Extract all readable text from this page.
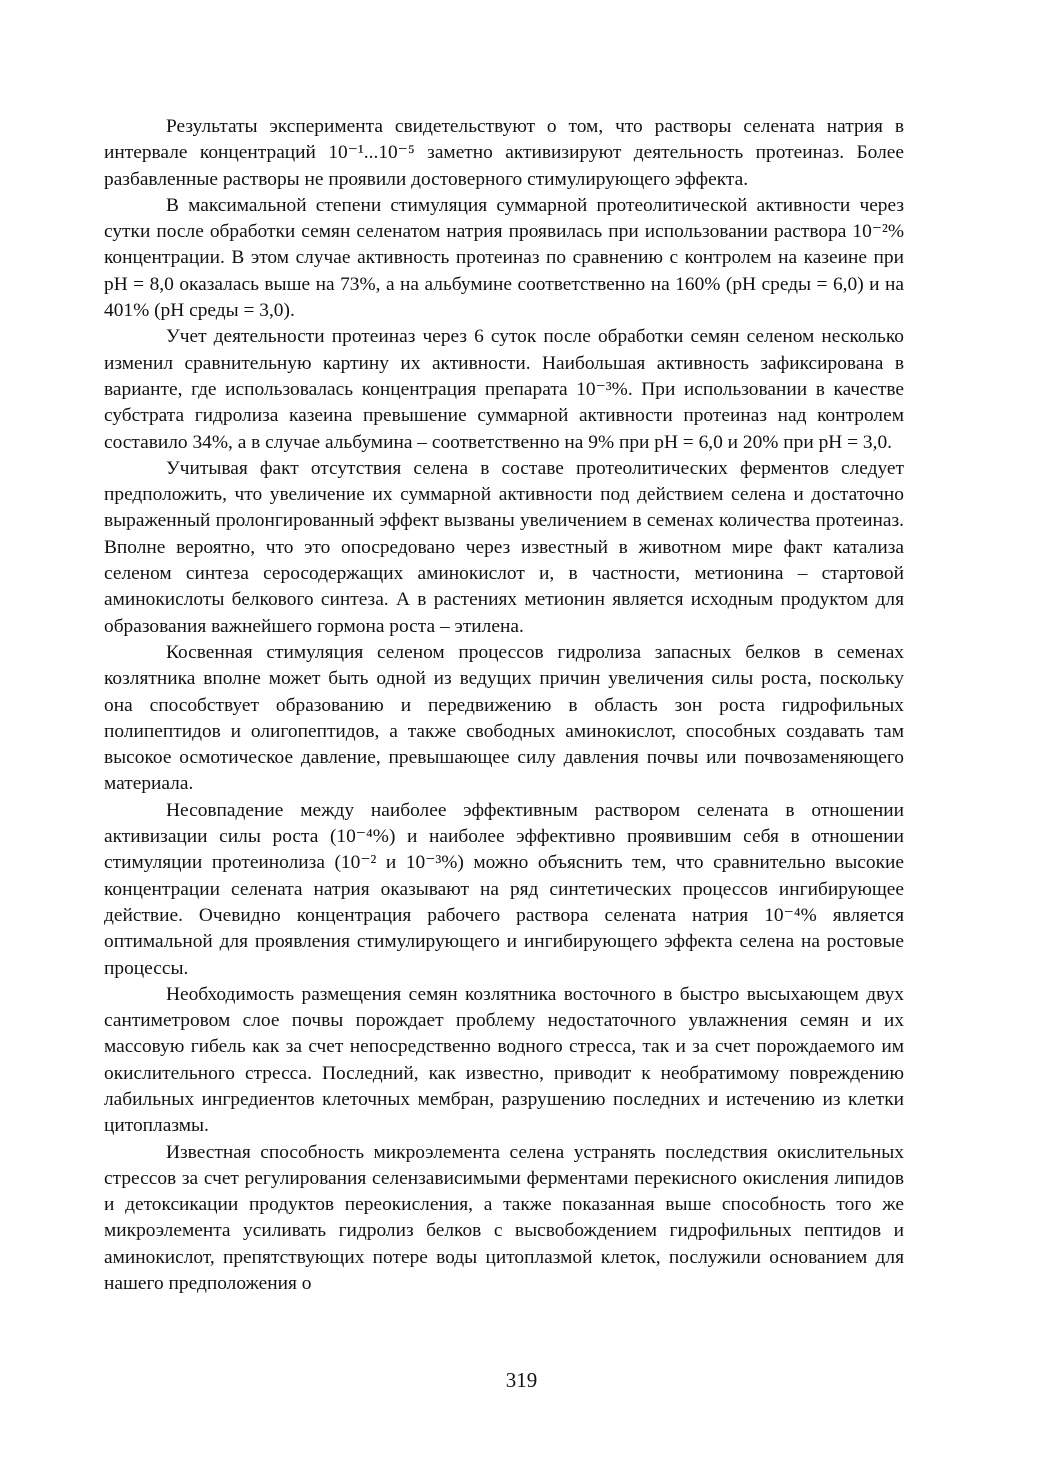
Результаты эксперимента свидетельствуют о том, что растворы селената натрия в интервале концентраций 10⁻¹...10⁻⁵ заметно активизируют деятельность протеиназ. Более разбавленные растворы не проявили достоверного стимулирующего эффекта.

В максимальной степени стимуляция суммарной протеолитической активности через сутки после обработки семян селенатом натрия проявилась при использовании раствора 10⁻²% концентрации. В этом случае активность протеиназ по сравнению с контролем на казеине при pH = 8,0 оказалась выше на 73%, а на альбумине соответственно на 160% (pH среды = 6,0) и на 401% (pH среды = 3,0).

Учет деятельности протеиназ через 6 суток после обработки семян селеном несколько изменил сравнительную картину их активности. Наибольшая активность зафиксирована в варианте, где использовалась концентрация препарата 10⁻³%. При использовании в качестве субстрата гидролиза казеина превышение суммарной активности протеиназ над контролем составило 34%, а в случае альбумина – соответственно на 9% при pH = 6,0 и 20% при pH = 3,0.

Учитывая факт отсутствия селена в составе протеолитических ферментов следует предположить, что увеличение их суммарной активности под действием селена и достаточно выраженный пролонгированный эффект вызваны увеличением в семенах количества протеиназ. Вполне вероятно, что это опосредовано через известный в животном мире факт катализа селеном синтеза серосодержащих аминокислот и, в частности, метионина – стартовой аминокислоты белкового синтеза. А в растениях метионин является исходным продуктом для образования важнейшего гормона роста – этилена.

Косвенная стимуляция селеном процессов гидролиза запасных белков в семенах козлятника вполне может быть одной из ведущих причин увеличения силы роста, поскольку она способствует образованию и передвижению в область зон роста гидрофильных полипептидов и олигопептидов, а также свободных аминокислот, способных создавать там высокое осмотическое давление, превышающее силу давления почвы или почвозаменяющего материала.

Несовпадение между наиболее эффективным раствором селената в отношении активизации силы роста (10⁻⁴%) и наиболее эффективно проявившим себя в отношении стимуляции протеинолиза (10⁻² и 10⁻³%) можно объяснить тем, что сравнительно высокие концентрации селената натрия оказывают на ряд синтетических процессов ингибирующее действие. Очевидно концентрация рабочего раствора селената натрия 10⁻⁴% является оптимальной для проявления стимулирующего и ингибирующего эффекта селена на ростовые процессы.

Необходимость размещения семян козлятника восточного в быстро высыхающем двух сантиметровом слое почвы порождает проблему недостаточного увлажнения семян и их массовую гибель как за счет непосредственно водного стресса, так и за счет порождаемого им окислительного стресса. Последний, как известно, приводит к необратимому повреждению лабильных ингредиентов клеточных мембран, разрушению последних и истечению из клетки цитоплазмы.

Известная способность микроэлемента селена устранять последствия окислительных стрессов за счет регулирования селензависимыми ферментами перекисного окисления липидов и детоксикации продуктов переокисления, а также показанная выше способность того же микроэлемента усиливать гидролиз белков с высвобождением гидрофильных пептидов и аминокислот, препятствующих потере воды цитоплазмой клеток, послужили основанием для нашего предположения о

319
